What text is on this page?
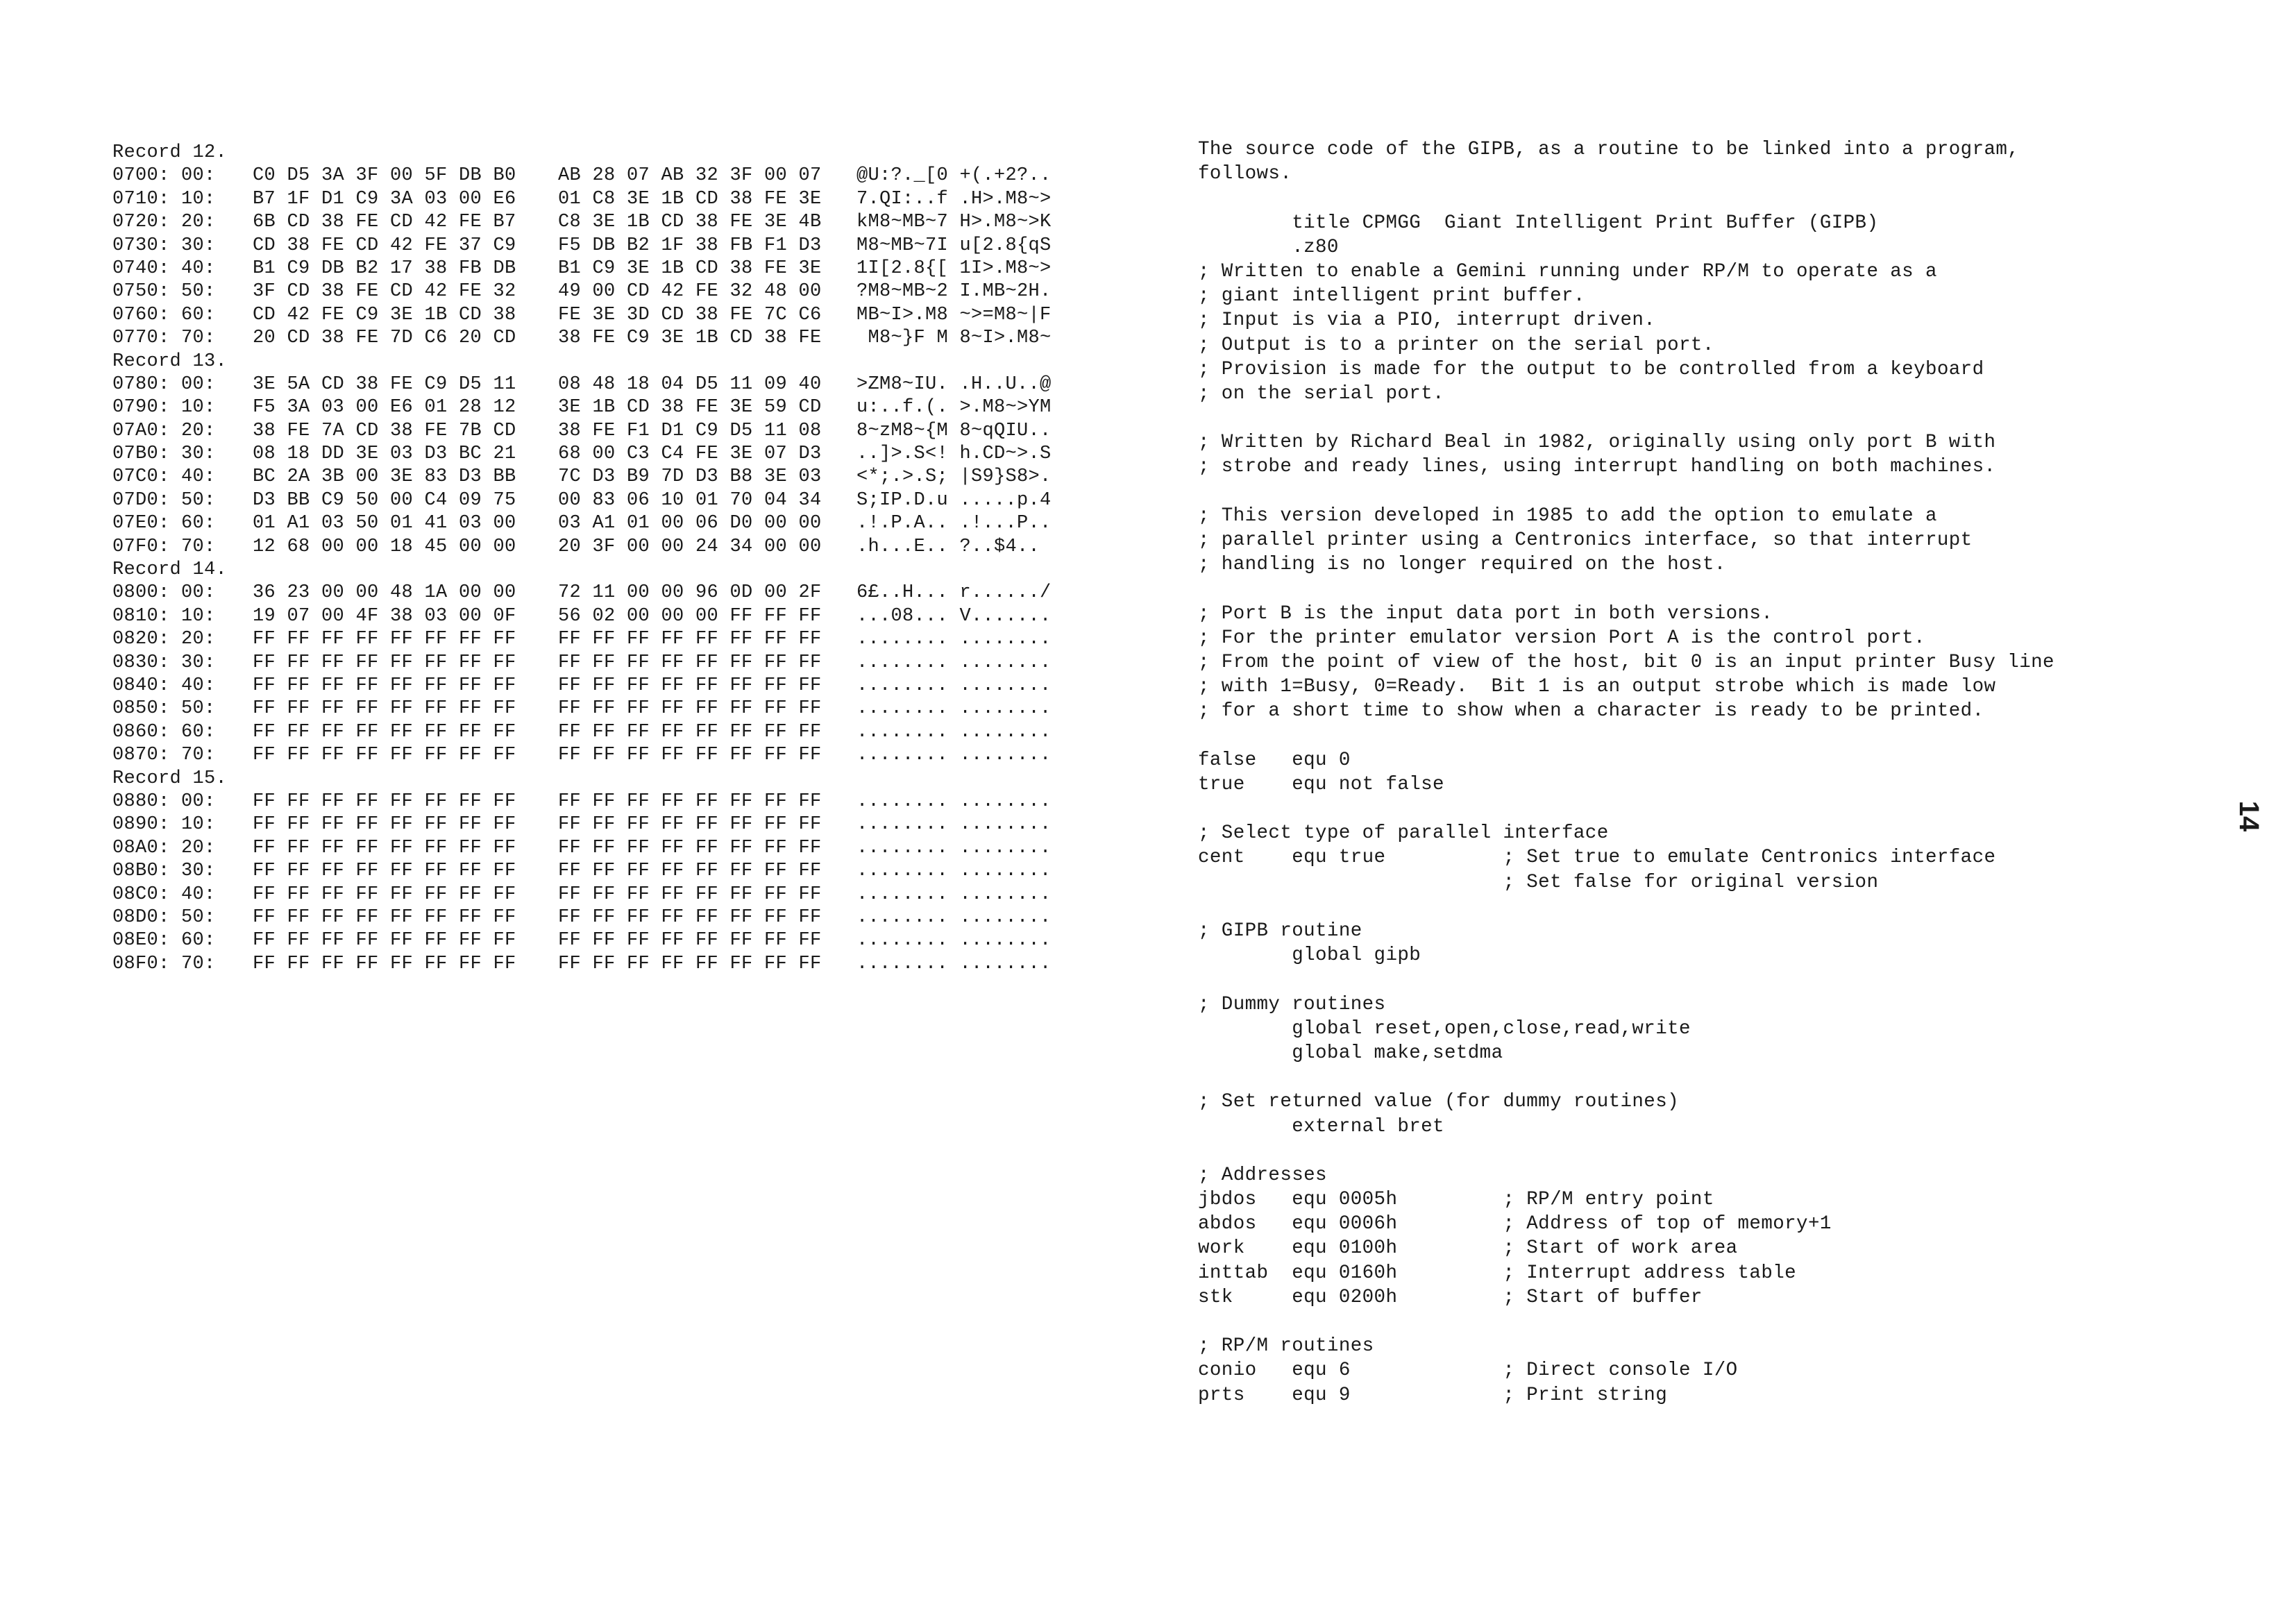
Record 12.
0700: 00: C0 D5 3A 3F 00 5F DB B0 AB 28 07 AB 32 3F 00 07 @U:?._[0 +(.+2?..
0710: 10: B7 1F D1 C9 3A 03 00 E6 01 C8 3E 1B CD 38 FE 3E 7.QI:..f .H>.M8~>
0720: 20: 6B CD 38 FE CD 42 FE B7 C8 3E 1B CD 38 FE 3E 4B kM8~MB~7 H>.M8~>K
0730: 30: CD 38 FE CD 42 FE 37 C9 F5 DB B2 1F 38 FB F1 D3 M8~MB~7I u[2.8{qS
0740: 40: B1 C9 DB B2 17 38 FB DB B1 C9 3E 1B CD 38 FE 3E 1I[2.8{[ 1I>.M8~>
0750: 50: 3F CD 38 FE CD 42 FE 32 49 00 CD 42 FE 32 48 00 ?M8~MB~2 I.MB~2H.
0760: 60: CD 42 FE C9 3E 1B CD 38 FE 3E 3D CD 38 FE 7C C6 MB~I>.M8 ~>=M8~|F
0770: 70: 20 CD 38 FE 7D C6 20 CD 38 FE C9 3E 1B CD 38 FE M8~}F M 8~I>.M8~
Record 13.
0780: 00: 3E 5A CD 38 FE C9 D5 11 08 48 18 04 D5 11 09 40 >ZM8~IU. .H..U..@
0790: 10: F5 3A 03 00 E6 01 28 12 3E 1B CD 38 FE 3E 59 CD u:..f.(. >.M8~>YM
07A0: 20: 38 FE 7A CD 38 FE 7B CD 38 FE F1 D1 C9 D5 11 08 8~zM8~{M 8~qQIU..
07B0: 30: 08 18 DD 3E 03 D3 BC 21 68 00 C3 C4 FE 3E 07 D3 ..]>.S<! h.CD~>.S
07C0: 40: BC 2A 3B 00 3E 83 D3 BB 7C D3 B9 7D D3 B8 3E 03 <*;.>.S; |S9}S8>.
07D0: 50: D3 BB C9 50 00 C4 09 75 00 83 06 10 01 70 04 34 S;IP.D.u .....p.4
07E0: 60: 01 A1 03 50 01 41 03 00 03 A1 01 00 06 D0 00 00 .!.P.A.. .!...P..
07F0: 70: 12 68 00 00 18 45 00 00 20 3F 00 00 24 34 00 00 .h...E.. ?..$4..
Record 14.
0800: 00: 36 23 00 00 48 1A 00 00 72 11 00 00 96 0D 00 2F 6£..H... r....../
0810: 10: 19 07 00 4F 38 03 00 0F 56 02 00 00 00 FF FF FF ...08... V.......
0820: 20: FF FF FF FF FF FF FF FF FF FF FF FF FF FF FF FF ........ ........
0830: 30: FF FF FF FF FF FF FF FF FF FF FF FF FF FF FF FF ........ ........
0840: 40: FF FF FF FF FF FF FF FF FF FF FF FF FF FF FF FF ........ ........
0850: 50: FF FF FF FF FF FF FF FF FF FF FF FF FF FF FF FF ........ ........
0860: 60: FF FF FF FF FF FF FF FF FF FF FF FF FF FF FF FF ........ ........
0870: 70: FF FF FF FF FF FF FF FF FF FF FF FF FF FF FF FF ........ ........
Record 15.
0880: 00: FF FF FF FF FF FF FF FF FF FF FF FF FF FF FF FF ........ ........
0890: 10: FF FF FF FF FF FF FF FF FF FF FF FF FF FF FF FF ........ ........
08A0: 20: FF FF FF FF FF FF FF FF FF FF FF FF FF FF FF FF ........ ........
08B0: 30: FF FF FF FF FF FF FF FF FF FF FF FF FF FF FF FF ........ ........
08C0: 40: FF FF FF FF FF FF FF FF FF FF FF FF FF FF FF FF ........ ........
08D0: 50: FF FF FF FF FF FF FF FF FF FF FF FF FF FF FF FF ........ ........
08E0: 60: FF FF FF FF FF FF FF FF FF FF FF FF FF FF FF FF ........ ........
08F0: 70: FF FF FF FF FF FF FF FF FF FF FF FF FF FF FF FF ........ ........
The source code of the GIPB, as a routine to be linked into a program,
follows.
title CPMGG  Giant Intelligent Print Buffer (GIPB)
.z80
; Written to enable a Gemini running under RP/M to operate as a
; giant intelligent print buffer.
; Input is via a PIO, interrupt driven.
; Output is to a printer on the serial port.
; Provision is made for the output to be controlled from a keyboard
; on the serial port.
; Written by Richard Beal in 1982, originally using only port B with
; strobe and ready lines, using interrupt handling on both machines.
; This version developed in 1985 to add the option to emulate a
; parallel printer using a Centronics interface, so that interrupt
; handling is no longer required on the host.
; Port B is the input data port in both versions.
; For the printer emulator version Port A is the control port.
; From the point of view of the host, bit 0 is an input printer Busy line
; with 1=Busy, 0=Ready.  Bit 1 is an output strobe which is made low
; for a short time to show when a character is ready to be printed.
false   equ 0
true    equ not false
; Select type of parallel interface
cent    equ true          ; Set true to emulate Centronics interface
; Set false for original version
; GIPB routine
global gipb
; Dummy routines
global reset,open,close,read,write
global make,setdma
; Set returned value (for dummy routines)
external bret
; Addresses
jbdos   equ 0005h         ; RP/M entry point
abdos   equ 0006h         ; Address of top of memory+1
work    equ 0100h         ; Start of work area
inttab  equ 0160h         ; Interrupt address table
stk     equ 0200h         ; Start of buffer
; RP/M routines
conio   equ 6             ; Direct console I/O
prts    equ 9             ; Print string
14
